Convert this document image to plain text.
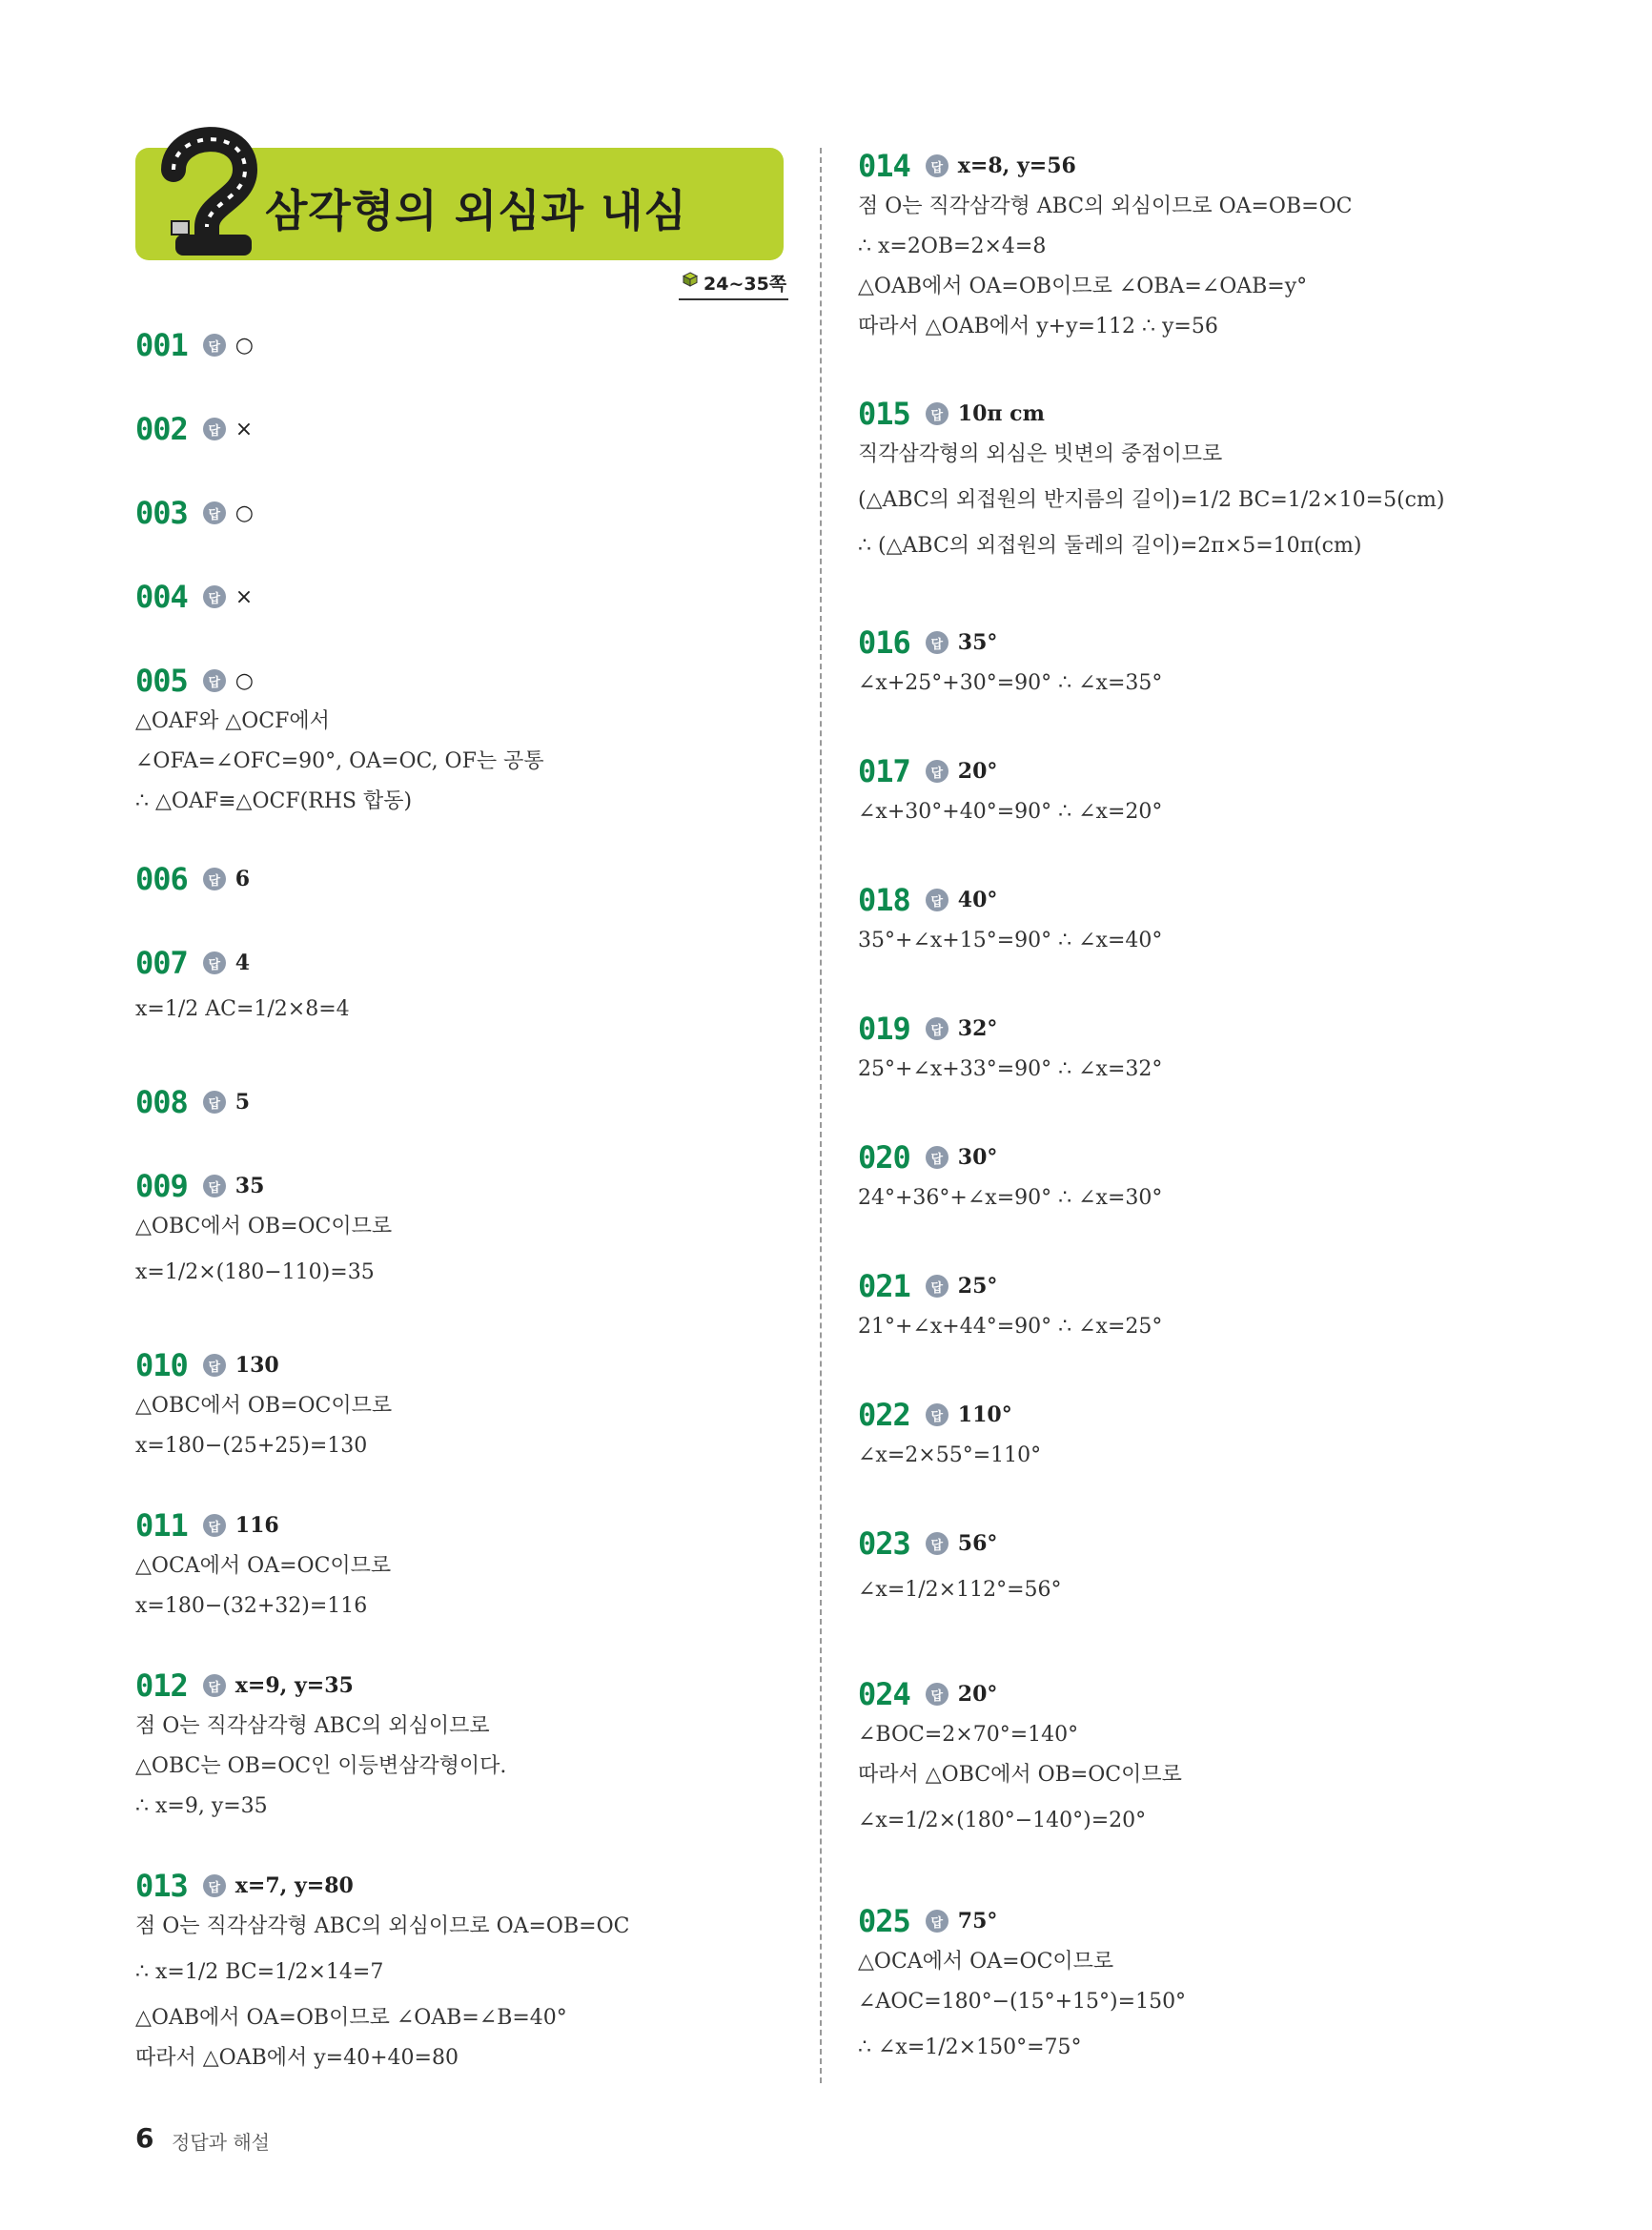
삼각형의 외심과 내심
24~35쪽
001	답 ○
002	답 ×
003	답 ○
004	답 ×
005	답 ○
△OAF와 △OCF에서
∠OFA=∠OFC=90°, OA=OC, OF는 공통
∴ △OAF≡△OCF(RHS 합동)
006	답 6
007	답 4
x=1/2 AC=1/2×8=4
008	답 5
009	답 35
△OBC에서 OB=OC이므로
x=1/2×(180−110)=35
010	답 130
△OBC에서 OB=OC이므로
x=180−(25+25)=130
011	답 116
△OCA에서 OA=OC이므로
x=180−(32+32)=116
012	답 x=9, y=35
점 O는 직각삼각형 ABC의 외심이므로
△OBC는 OB=OC인 이등변삼각형이다.
∴ x=9, y=35
013	답 x=7, y=80
점 O는 직각삼각형 ABC의 외심이므로 OA=OB=OC
∴ x=1/2 BC=1/2×14=7
△OAB에서 OA=OB이므로 ∠OAB=∠B=40°
따라서 △OAB에서 y=40+40=80
014	답 x=8, y=56
점 O는 직각삼각형 ABC의 외심이므로 OA=OB=OC
∴ x=2OB=2×4=8
△OAB에서 OA=OB이므로 ∠OBA=∠OAB=y°
따라서 △OAB에서 y+y=112 ∴ y=56
015	답 10π cm
직각삼각형의 외심은 빗변의 중점이므로
(△ABC의 외접원의 반지름의 길이)=1/2 BC=1/2×10=5(cm)
∴ (△ABC의 외접원의 둘레의 길이)=2π×5=10π(cm)
016	답 35°
∠x+25°+30°=90° ∴ ∠x=35°
017	답 20°
∠x+30°+40°=90° ∴ ∠x=20°
018	답 40°
35°+∠x+15°=90° ∴ ∠x=40°
019	답 32°
25°+∠x+33°=90° ∴ ∠x=32°
020	답 30°
24°+36°+∠x=90° ∴ ∠x=30°
021	답 25°
21°+∠x+44°=90° ∴ ∠x=25°
022	답 110°
∠x=2×55°=110°
023	답 56°
∠x=1/2×112°=56°
024	답 20°
∠BOC=2×70°=140°
따라서 △OBC에서 OB=OC이므로
∠x=1/2×(180°−140°)=20°
025	답 75°
△OCA에서 OA=OC이므로
∠AOC=180°−(15°+15°)=150°
∴ ∠x=1/2×150°=75°
6 정답과 해설
